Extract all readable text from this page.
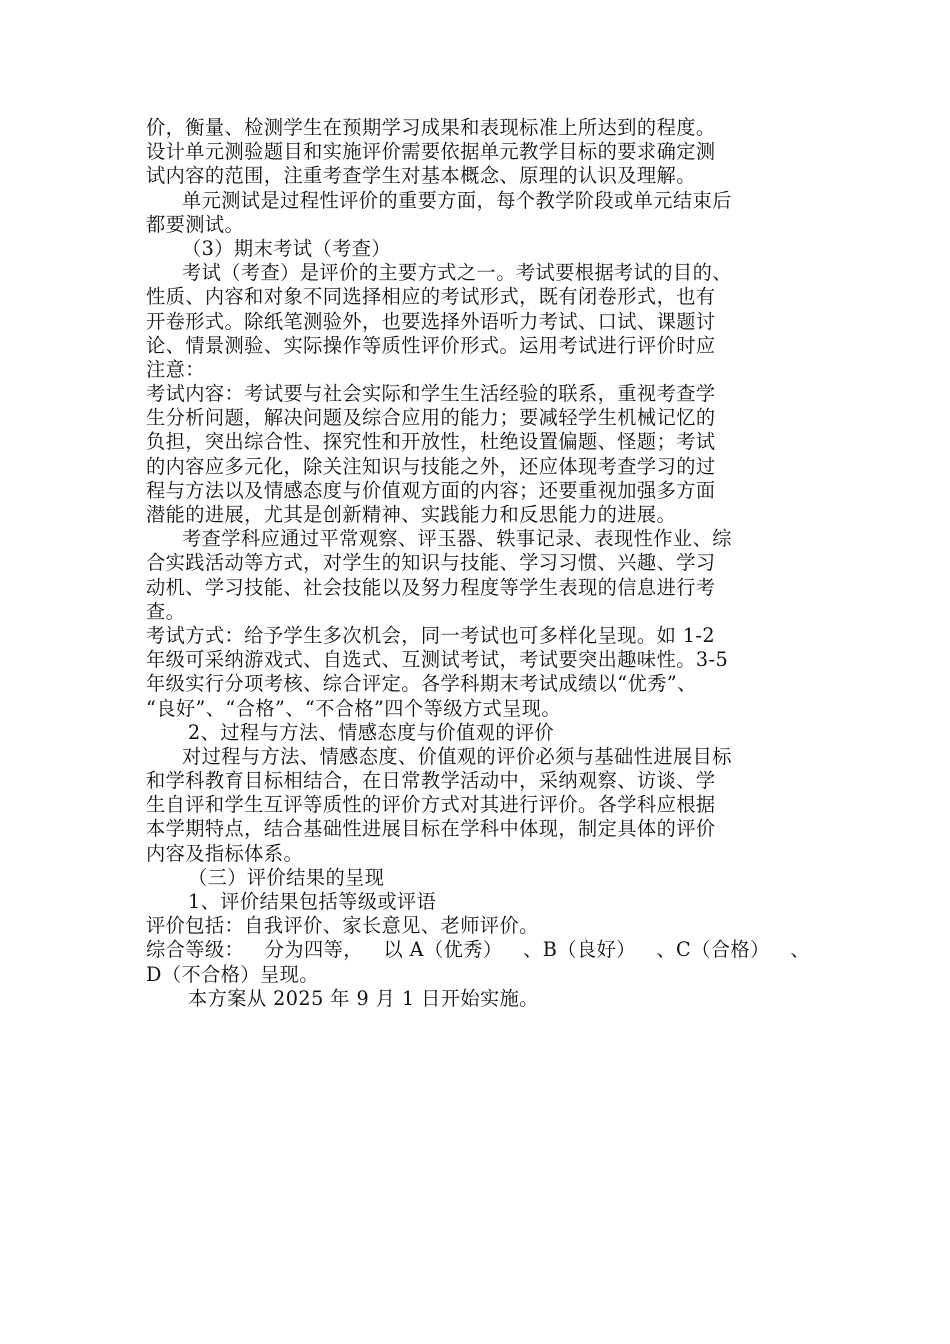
价，衡量、检测学生在预期学习成果和表现标准上所达到的程度。
设计单元测验题目和实施评价需要依据单元教学目标的要求确定测
试内容的范围，注重考查学生对基本概念、原理的认识及理解。
单元测试是过程性评价的重要方面，每个教学阶段或单元结束后
都要测试。
（3）期末考试（考查）
考试（考查）是评价的主要方式之一。考试要根据考试的目的、
性质、内容和对象不同选择相应的考试形式，既有闭卷形式，也有
开卷形式。除纸笔测验外，也要选择外语听力考试、口试、课题讨
论、情景测验、实际操作等质性评价形式。运用考试进行评价时应
注意：
考试内容：考试要与社会实际和学生生活经验的联系，重视考查学
生分析问题，解决问题及综合应用的能力；要减轻学生机械记忆的
负担，突出综合性、探究性和开放性，杜绝设置偏题、怪题；考试
的内容应多元化，除关注知识与技能之外，还应体现考查学习的过
程与方法以及情感态度与价值观方面的内容；还要重视加强多方面
潜能的进展，尤其是创新精神、实践能力和反思能力的进展。
考查学科应通过平常观察、评玉器、轶事记录、表现性作业、综
合实践活动等方式，对学生的知识与技能、学习习惯、兴趣、学习
动机、学习技能、社会技能以及努力程度等学生表现的信息进行考
查。
考试方式：给予学生多次机会，同一考试也可多样化呈现。如 1-2
年级可采纳游戏式、自选式、互测试考试，考试要突出趣味性。3-5
年级实行分项考核、综合评定。各学科期末考试成绩以“优秀”、
“良好”、“合格”、“不合格”四个等级方式呈现。
2、过程与方法、情感态度与价值观的评价
对过程与方法、情感态度、价值观的评价必须与基础性进展目标
和学科教育目标相结合，在日常教学活动中，采纳观察、访谈、学
生自评和学生互评等质性的评价方式对其进行评价。各学科应根据
本学期特点，结合基础性进展目标在学科中体现，制定具体的评价
内容及指标体系。
（三）评价结果的呈现
1、评价结果包括等级或评语
评价包括：自我评价、家长意见、老师评价。
综合等级： 分为四等， 以 A（优秀） 、B（良好） 、C（合格） 、
D（不合格）呈现。
本方案从 2025 年 9 月 1 日开始实施。
